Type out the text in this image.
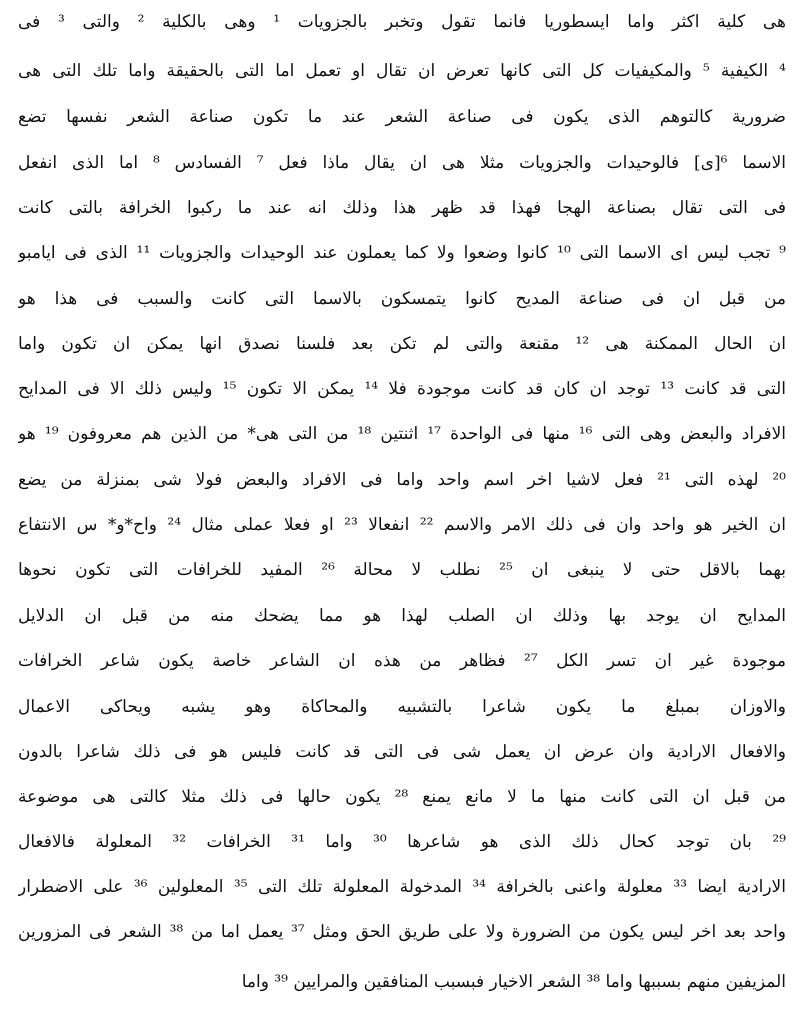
هى كلية اكثر واما ايسطوريا فانما تقول وتخبر بالجزويات ¹ وهى بالكلية ² والتى ³ فى
⁴ الكيفية ⁵ والمكيفيات كل التى كانها تعرض ان تقال او تعمل اما التى بالحقيقة واما تلك التى هى
ضرورية كالتوهم الذى يكون فى صناعة الشعر عند ما تكون صناعة الشعر نفسها تضع
الاسما ⁶[ى] فالوحيدات والجزويات مثلا هى ان يقال ماذا فعل ⁷ الفسادس ⁸ اما الذى انفعل
فى التى تقال بصناعة الهجا فهذا قد ظهر هذا وذلك انه عند ما ركبوا الخرافة بالتى كانت
⁹ تجب ليس اى الاسما التى ¹⁰ كانوا وضعوا ولا كما يعملون عند الوحيدات والجزويات ¹¹ الذى فى ايامبو
من قبل ان فى صناعة المديح كانوا يتمسكون بالاسما التى كانت والسبب فى هذا هو
ان الحال الممكنة هى ¹² مقنعة والتى لم تكن بعد فلسنا نصدق انها يمكن ان تكون واما
التى قد كانت ¹³ توجد ان كان قد كانت موجودة فلا ¹⁴ يمكن الا تكون ¹⁵ وليس ذلك الا فى المدايح
الافراد والبعض وهى التى ¹⁶ منها فى الواحدة ¹⁷ اثنتين ¹⁸ من التى هى* من الذين هم معروفون ¹⁹ هو
²⁰ لهذه التى ²¹ فعل لاشيا اخر اسم واحد واما فى الافراد والبعض فولا شى بمنزلة من يضع
ان الخير هو واحد وان فى ذلك الامر والاسم ²² انفعالا ²³ او فعلا عملى مثال ²⁴ واح*و* س الانتفاع
بهما بالاقل حتى لا ينبغى ان ²⁵ نطلب لا محالة ²⁶ المفيد للخرافات التى تكون نحوها
المدايح ان يوجد بها وذلك ان الصلب لهذا هو مما يضحك منه من قبل ان الدلايل
موجودة غير ان تسر الكل ²⁷ فظاهر من هذه ان الشاعر خاصة يكون شاعر الخرافات
والاوزان بمبلغ ما يكون شاعرا بالتشبيه والمحاكاة وهو يشبه ويحاكى الاعمال
والافعال الارادية وان عرض ان يعمل شى فى التى قد كانت فليس هو فى ذلك شاعرا بالدون
من قبل ان التى كانت منها ما لا مانع يمنع ²⁸ يكون حالها فى ذلك مثلا كالتى هى موضوعة
²⁹ بان توجد كحال ذلك الذى هو شاعرها ³⁰ واما ³¹ الخرافات ³² المعلولة فالافعال
الارادية ايضا ³³ معلولة واعنى بالخرافة ³⁴ المدخولة المعلولة تلك التى ³⁵ المعلولين ³⁶ على الاضطرار
واحد بعد اخر ليس يكون من الضرورة ولا على طريق الحق ومثل ³⁷ يعمل اما من ³⁸ الشعر فى المزورين
المزيفين منهم بسببها واما ³⁸ الشعر الاخيار فبسبب المنافقين والمرايين ³⁹ واما
